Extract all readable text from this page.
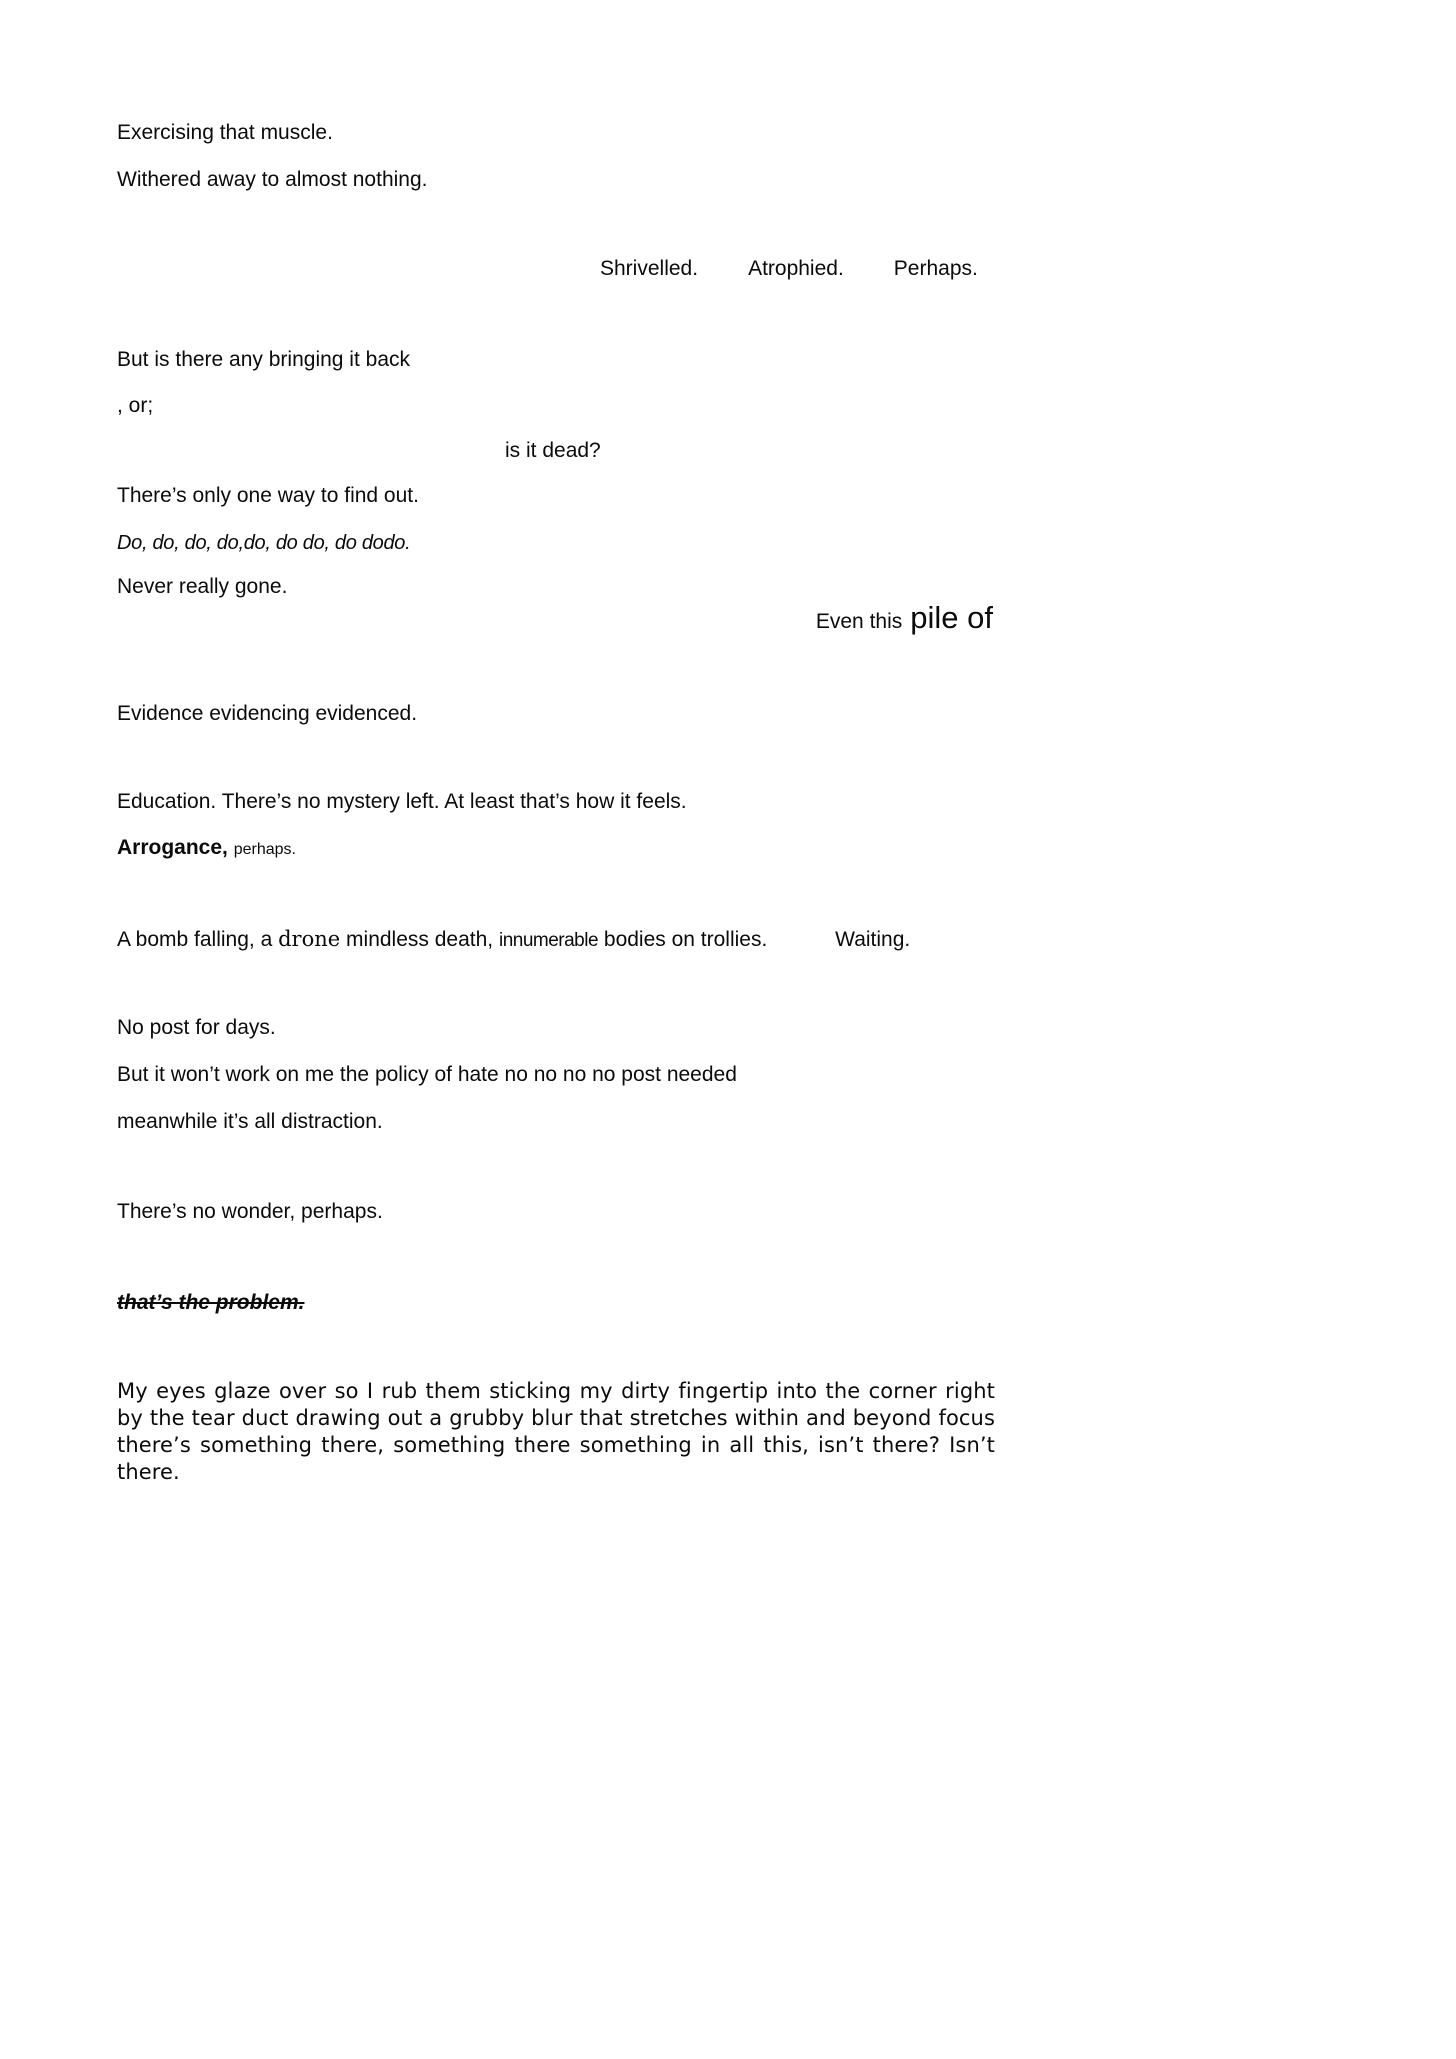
Exercising that muscle.
Withered away to almost nothing.
Shrivelled. Atrophied. Perhaps.
But is there any bringing it back
, or;
is it dead?
There’s only one way to find out.
Do, do, do, do,do, do do, do dodo.
Never really gone.
Even this pile of
Evidence evidencing evidenced.
Education. There’s no mystery left. At least that’s how it feels.
Arrogance, perhaps.
A bomb falling, a drone mindless death, innumerable bodies on trollies.	Waiting.
No post for days.
But it won’t work on me the policy of hate no no no no post needed
meanwhile it’s all distraction.
There’s no wonder, perhaps.
that’s the problem.
My eyes glaze over so I rub them sticking my dirty fingertip into the corner right by the tear duct drawing out a grubby blur that stretches within and beyond focus there’s something there, something there something in all this, isn’t there? Isn’t there.
